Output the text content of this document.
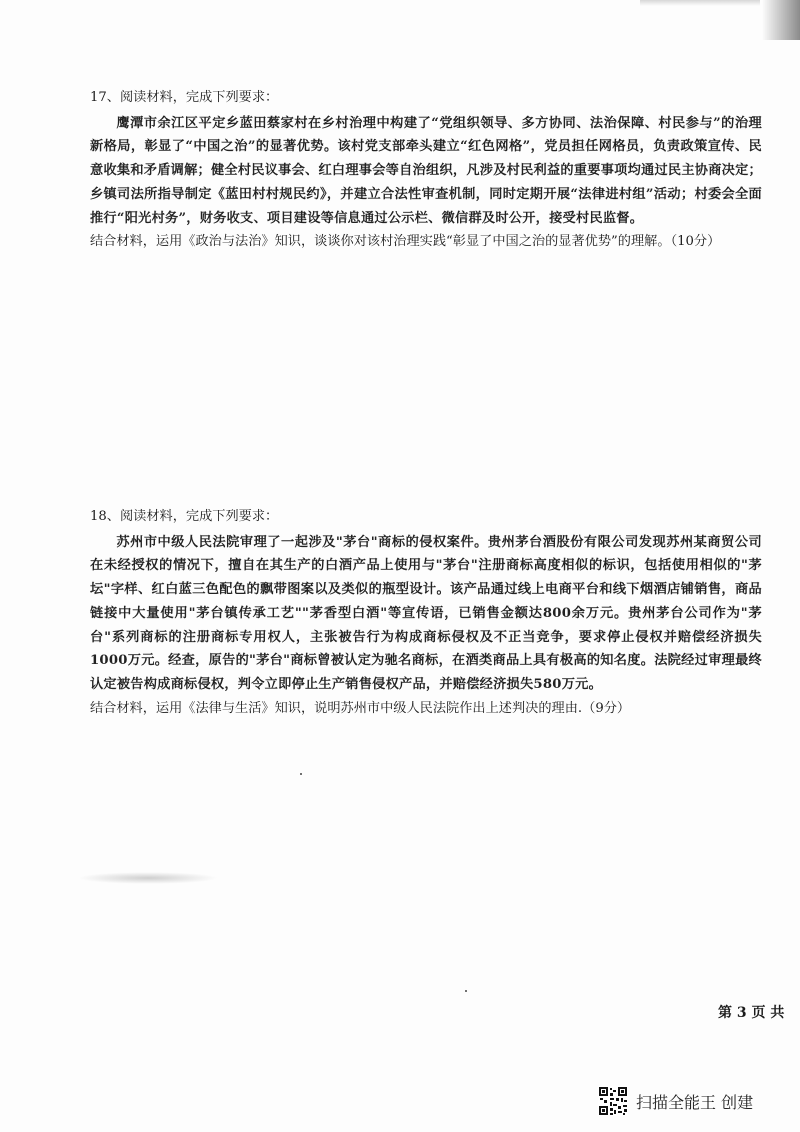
17、阅读材料，完成下列要求：

鹰潭市余江区平定乡蓝田蔡家村在乡村治理中构建了“党组织领导、多方协同、法治保障、村民参与”的治理新格局，彰显了“中国之治”的显著优势。该村党支部牵头建立“红色网格”，党员担任网格员，负责政策宣传、民意收集和矛盾调解；健全村民议事会、红白理事会等自治组织，凡涉及村民利益的重要事项均通过民主协商决定；乡镇司法所指导制定《蓝田村村规民约》，并建立合法性审查机制，同时定期开展“法律进村组”活动；村委会全面推行“阳光村务”，财务收支、项目建设等信息通过公示栏、微信群及时公开，接受村民监督。

结合材料，运用《政治与法治》知识，谈谈你对该村治理实践“彰显了中国之治的显著优势”的理解。（10分）

18、阅读材料，完成下列要求：

苏州市中级人民法院审理了一起涉及"茅台"商标的侵权案件。贵州茅台酒股份有限公司发现苏州某商贸公司在未经授权的情况下，擅自在其生产的白酒产品上使用与"茅台"注册商标高度相似的标识，包括使用相似的"茅坛"字样、红白蓝三色配色的飘带图案以及类似的瓶型设计。该产品通过线上电商平台和线下烟酒店铺销售，商品链接中大量使用"茅台镇传承工艺""茅香型白酒"等宣传语，已销售金额达800余万元。贵州茅台公司作为"茅台"系列商标的注册商标专用权人，主张被告行为构成商标侵权及不正当竞争，要求停止侵权并赔偿经济损失1000万元。经查，原告的"茅台"商标曾被认定为驰名商标，在酒类商品上具有极高的知名度。法院经过审理最终认定被告构成商标侵权，判令立即停止生产销售侵权产品，并赔偿经济损失580万元。

结合材料，运用《法律与生活》知识，说明苏州市中级人民法院作出上述判决的理由.（9分）

第 3 页 共
扫描全能王 创建
